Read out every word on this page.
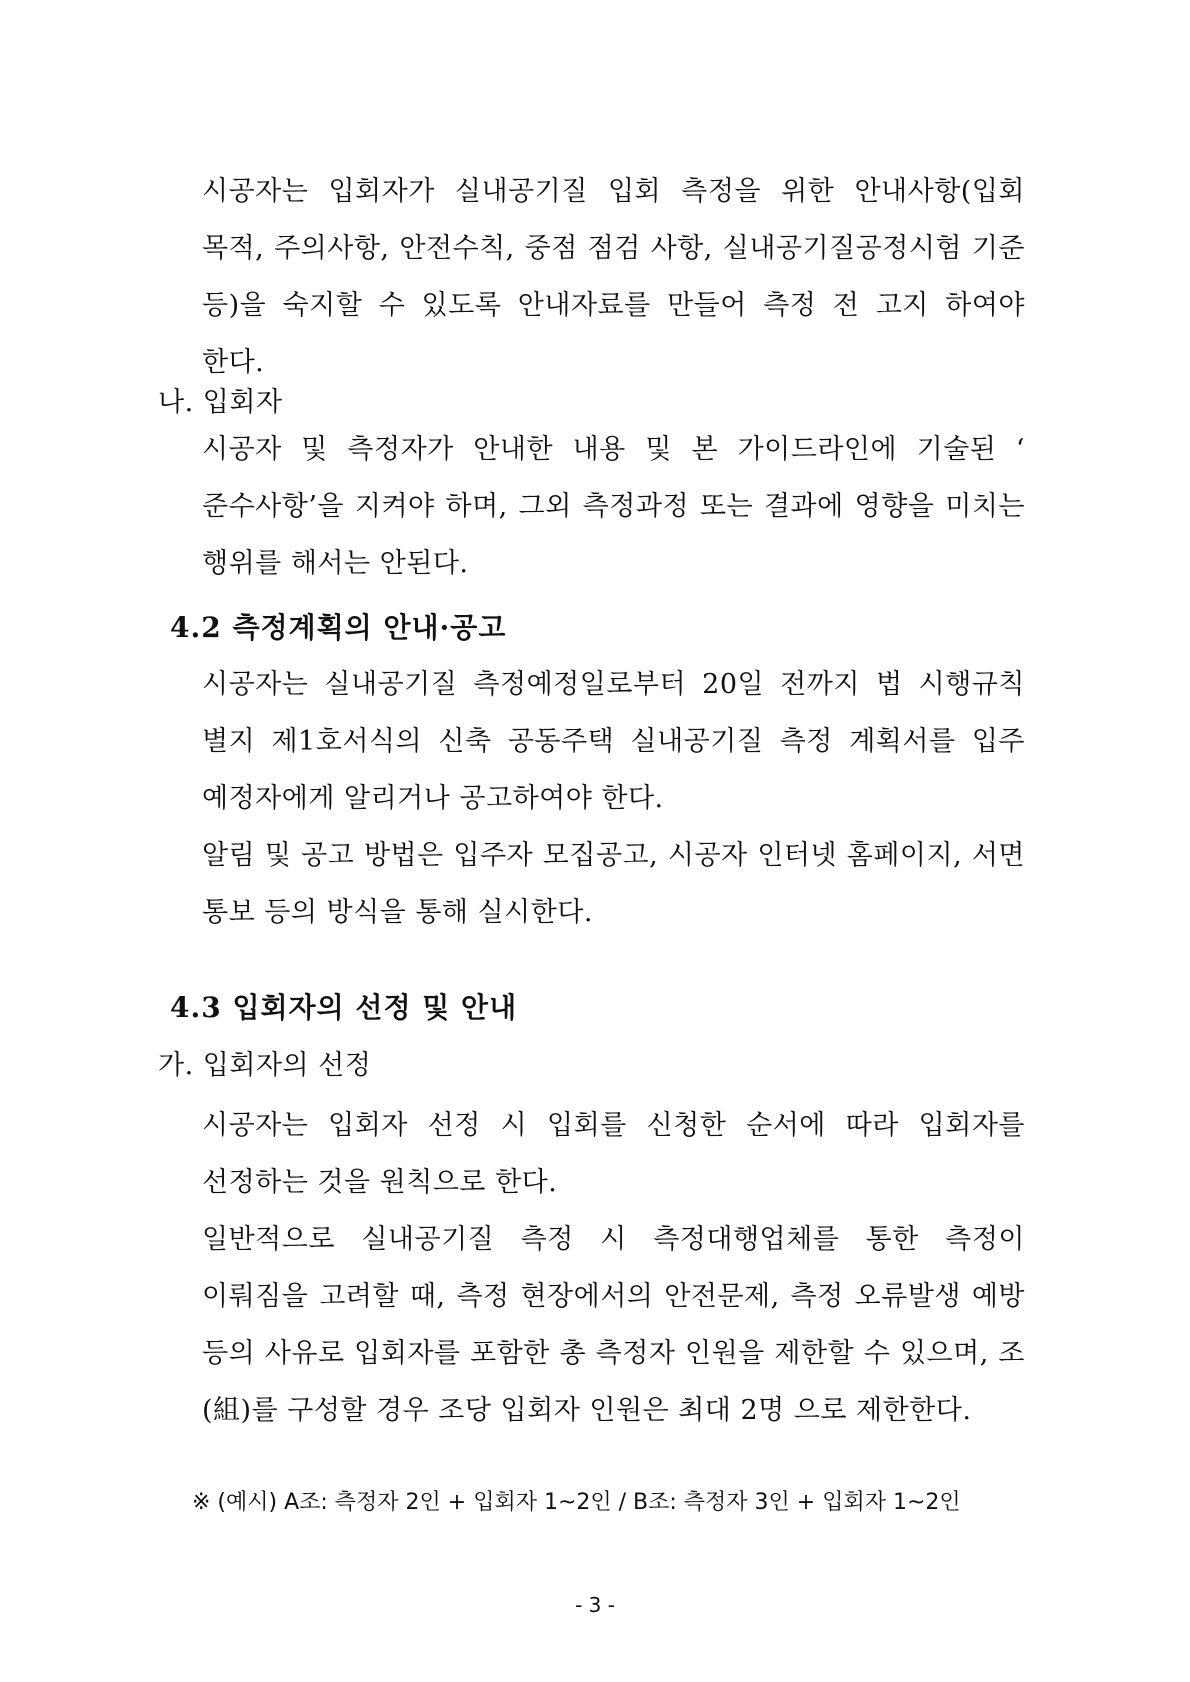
시공자는 입회자가 실내공기질 입회 측정을 위한 안내사항(입회 목적, 주의사항, 안전수칙, 중점 점검 사항, 실내공기질공정시험 기준 등)을 숙지할 수 있도록 안내자료를 만들어 측정 전 고지 하여야 한다.
나. 입회자
시공자 및 측정자가 안내한 내용 및 본 가이드라인에 기술된 ‘ 준수사항’을 지켜야 하며, 그외 측정과정 또는 결과에 영향을 미치는 행위를 해서는 안된다.
4.2 측정계획의 안내·공고
시공자는 실내공기질 측정예정일로부터 20일 전까지 법 시행규칙 별지 제1호서식의 신축 공동주택 실내공기질 측정 계획서를 입주 예정자에게 알리거나 공고하여야 한다.
알림 및 공고 방법은 입주자 모집공고, 시공자 인터넷 홈페이지, 서면 통보 등의 방식을 통해 실시한다.
4.3 입회자의 선정 및 안내
가. 입회자의 선정
시공자는 입회자 선정 시 입회를 신청한 순서에 따라 입회자를 선정하는 것을 원칙으로 한다.
일반적으로 실내공기질 측정 시 측정대행업체를 통한 측정이 이뤄짐을 고려할 때, 측정 현장에서의 안전문제, 측정 오류발생 예방 등의 사유로 입회자를 포함한 총 측정자 인원을 제한할 수 있으며, 조(組)를 구성할 경우 조당 입회자 인원은 최대 2명 으로 제한한다.
※ (예시) A조: 측정자 2인 + 입회자 1~2인 / B조: 측정자 3인 + 입회자 1~2인
- 3 -
